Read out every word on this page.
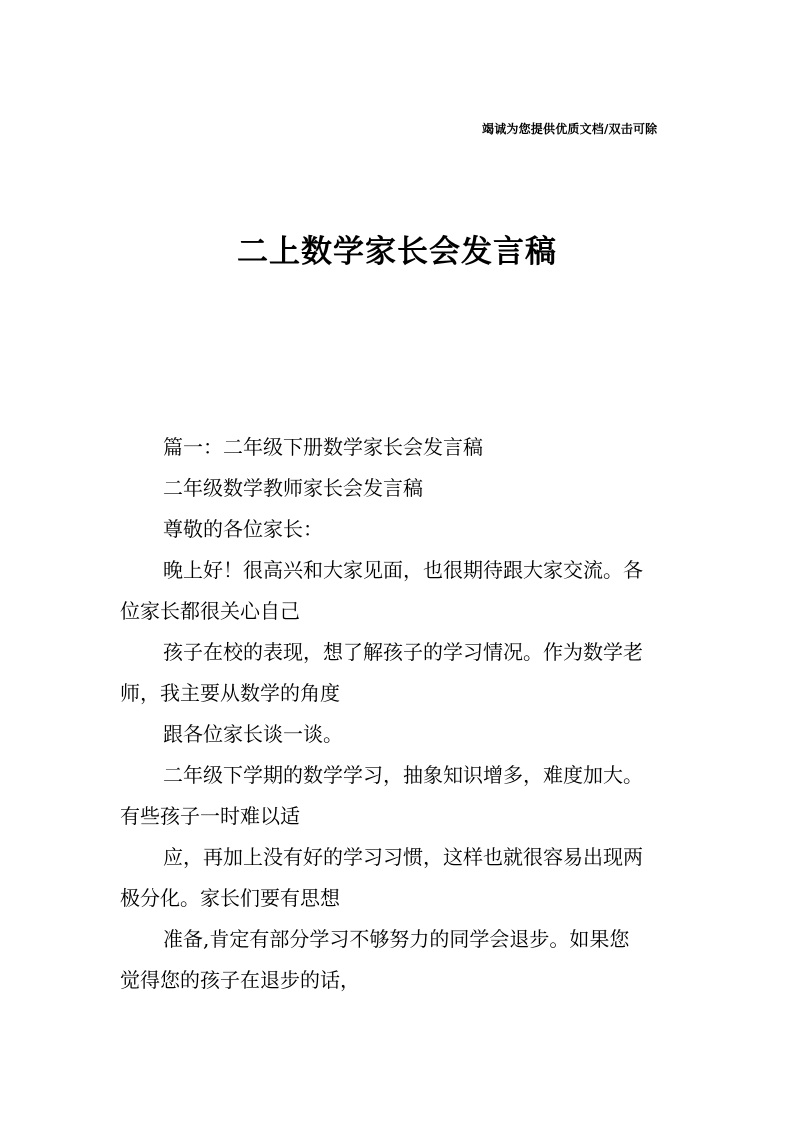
竭诚为您提供优质文档/双击可除
二上数学家长会发言稿
篇一：二年级下册数学家长会发言稿
二年级数学教师家长会发言稿
尊敬的各位家长：
晚上好！很高兴和大家见面，也很期待跟大家交流。各
位家长都很关心自己
孩子在校的表现，想了解孩子的学习情况。作为数学老
师，我主要从数学的角度
跟各位家长谈一谈。
二年级下学期的数学学习，抽象知识增多，难度加大。
有些孩子一时难以适
应，再加上没有好的学习习惯，这样也就很容易出现两
极分化。家长们要有思想
准备,肯定有部分学习不够努力的同学会退步。如果您
觉得您的孩子在退步的话，
